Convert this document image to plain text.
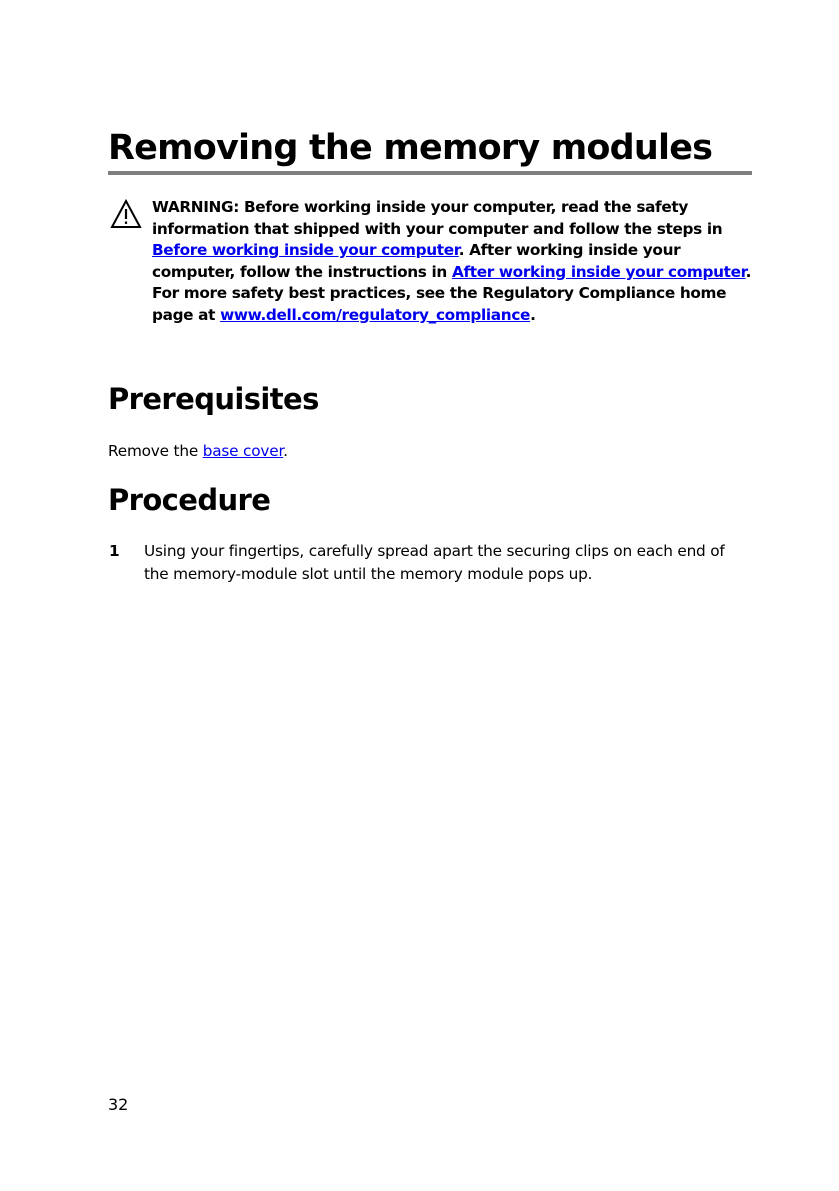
Removing the memory modules
WARNING: Before working inside your computer, read the safety
information that shipped with your computer and follow the steps in
Before working inside your computer. After working inside your
computer, follow the instructions in After working inside your computer.
For more safety best practices, see the Regulatory Compliance home
page at www.dell.com/regulatory_compliance.
Prerequisites
Remove the base cover.
Procedure
1 Using your fingertips, carefully spread apart the securing clips on each end of
the memory-module slot until the memory module pops up.
32
